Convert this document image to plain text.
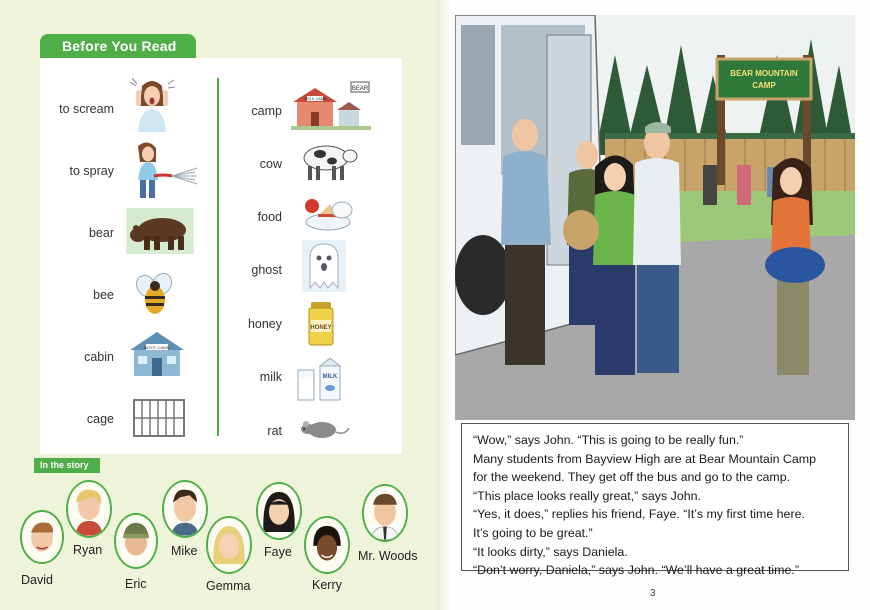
Before You Read
to scream
to spray
bear
bee
cabin
cage
BOYS' CABIN
camp
cow
food
ghost
honey
milk
rat
GIRLS' CABIN
BEAR
HONEY
MILK
In the story
David
Ryan
Eric
Mike
Gemma
Faye
Kerry
Mr. Woods
BEAR MOUNTAIN
CAMP
“Wow,” says John. “This is going to be really fun.”
Many students from Bayview High are at Bear Mountain Camp
for the weekend. They get off the bus and go to the camp.
“This place looks really great,” says John.
“Yes, it does,” replies his friend, Faye. “It’s my first time here.
It’s going to be great.”
“It looks dirty,” says Daniela.
“Don’t worry, Daniela,” says John. “We’ll have a great time.”
3
